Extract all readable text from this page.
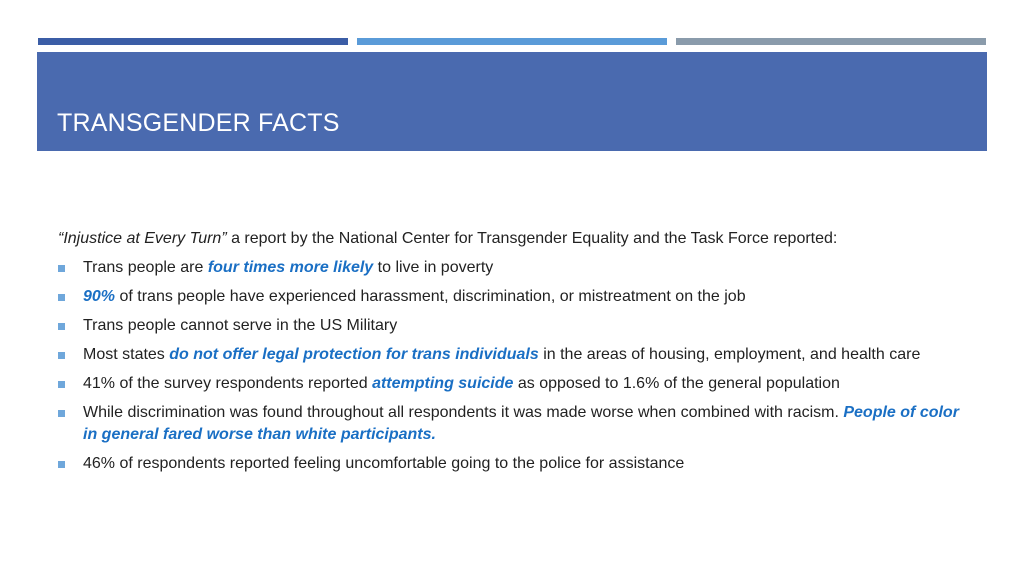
TRANSGENDER FACTS

“Injustice at Every Turn” a report by the National Center for Transgender Equality and the Task Force reported:

Trans people are four times more likely to live in poverty
90% of trans people have experienced harassment, discrimination, or mistreatment on the job
Trans people cannot serve in the US Military
Most states do not offer legal protection for trans individuals in the areas of housing, employment, and health care
41% of the survey respondents reported attempting suicide as opposed to 1.6% of the general population
While discrimination was found throughout all respondents it was made worse when combined with racism. People of color in general fared worse than white participants.
46% of respondents reported feeling uncomfortable going to the police for assistance
